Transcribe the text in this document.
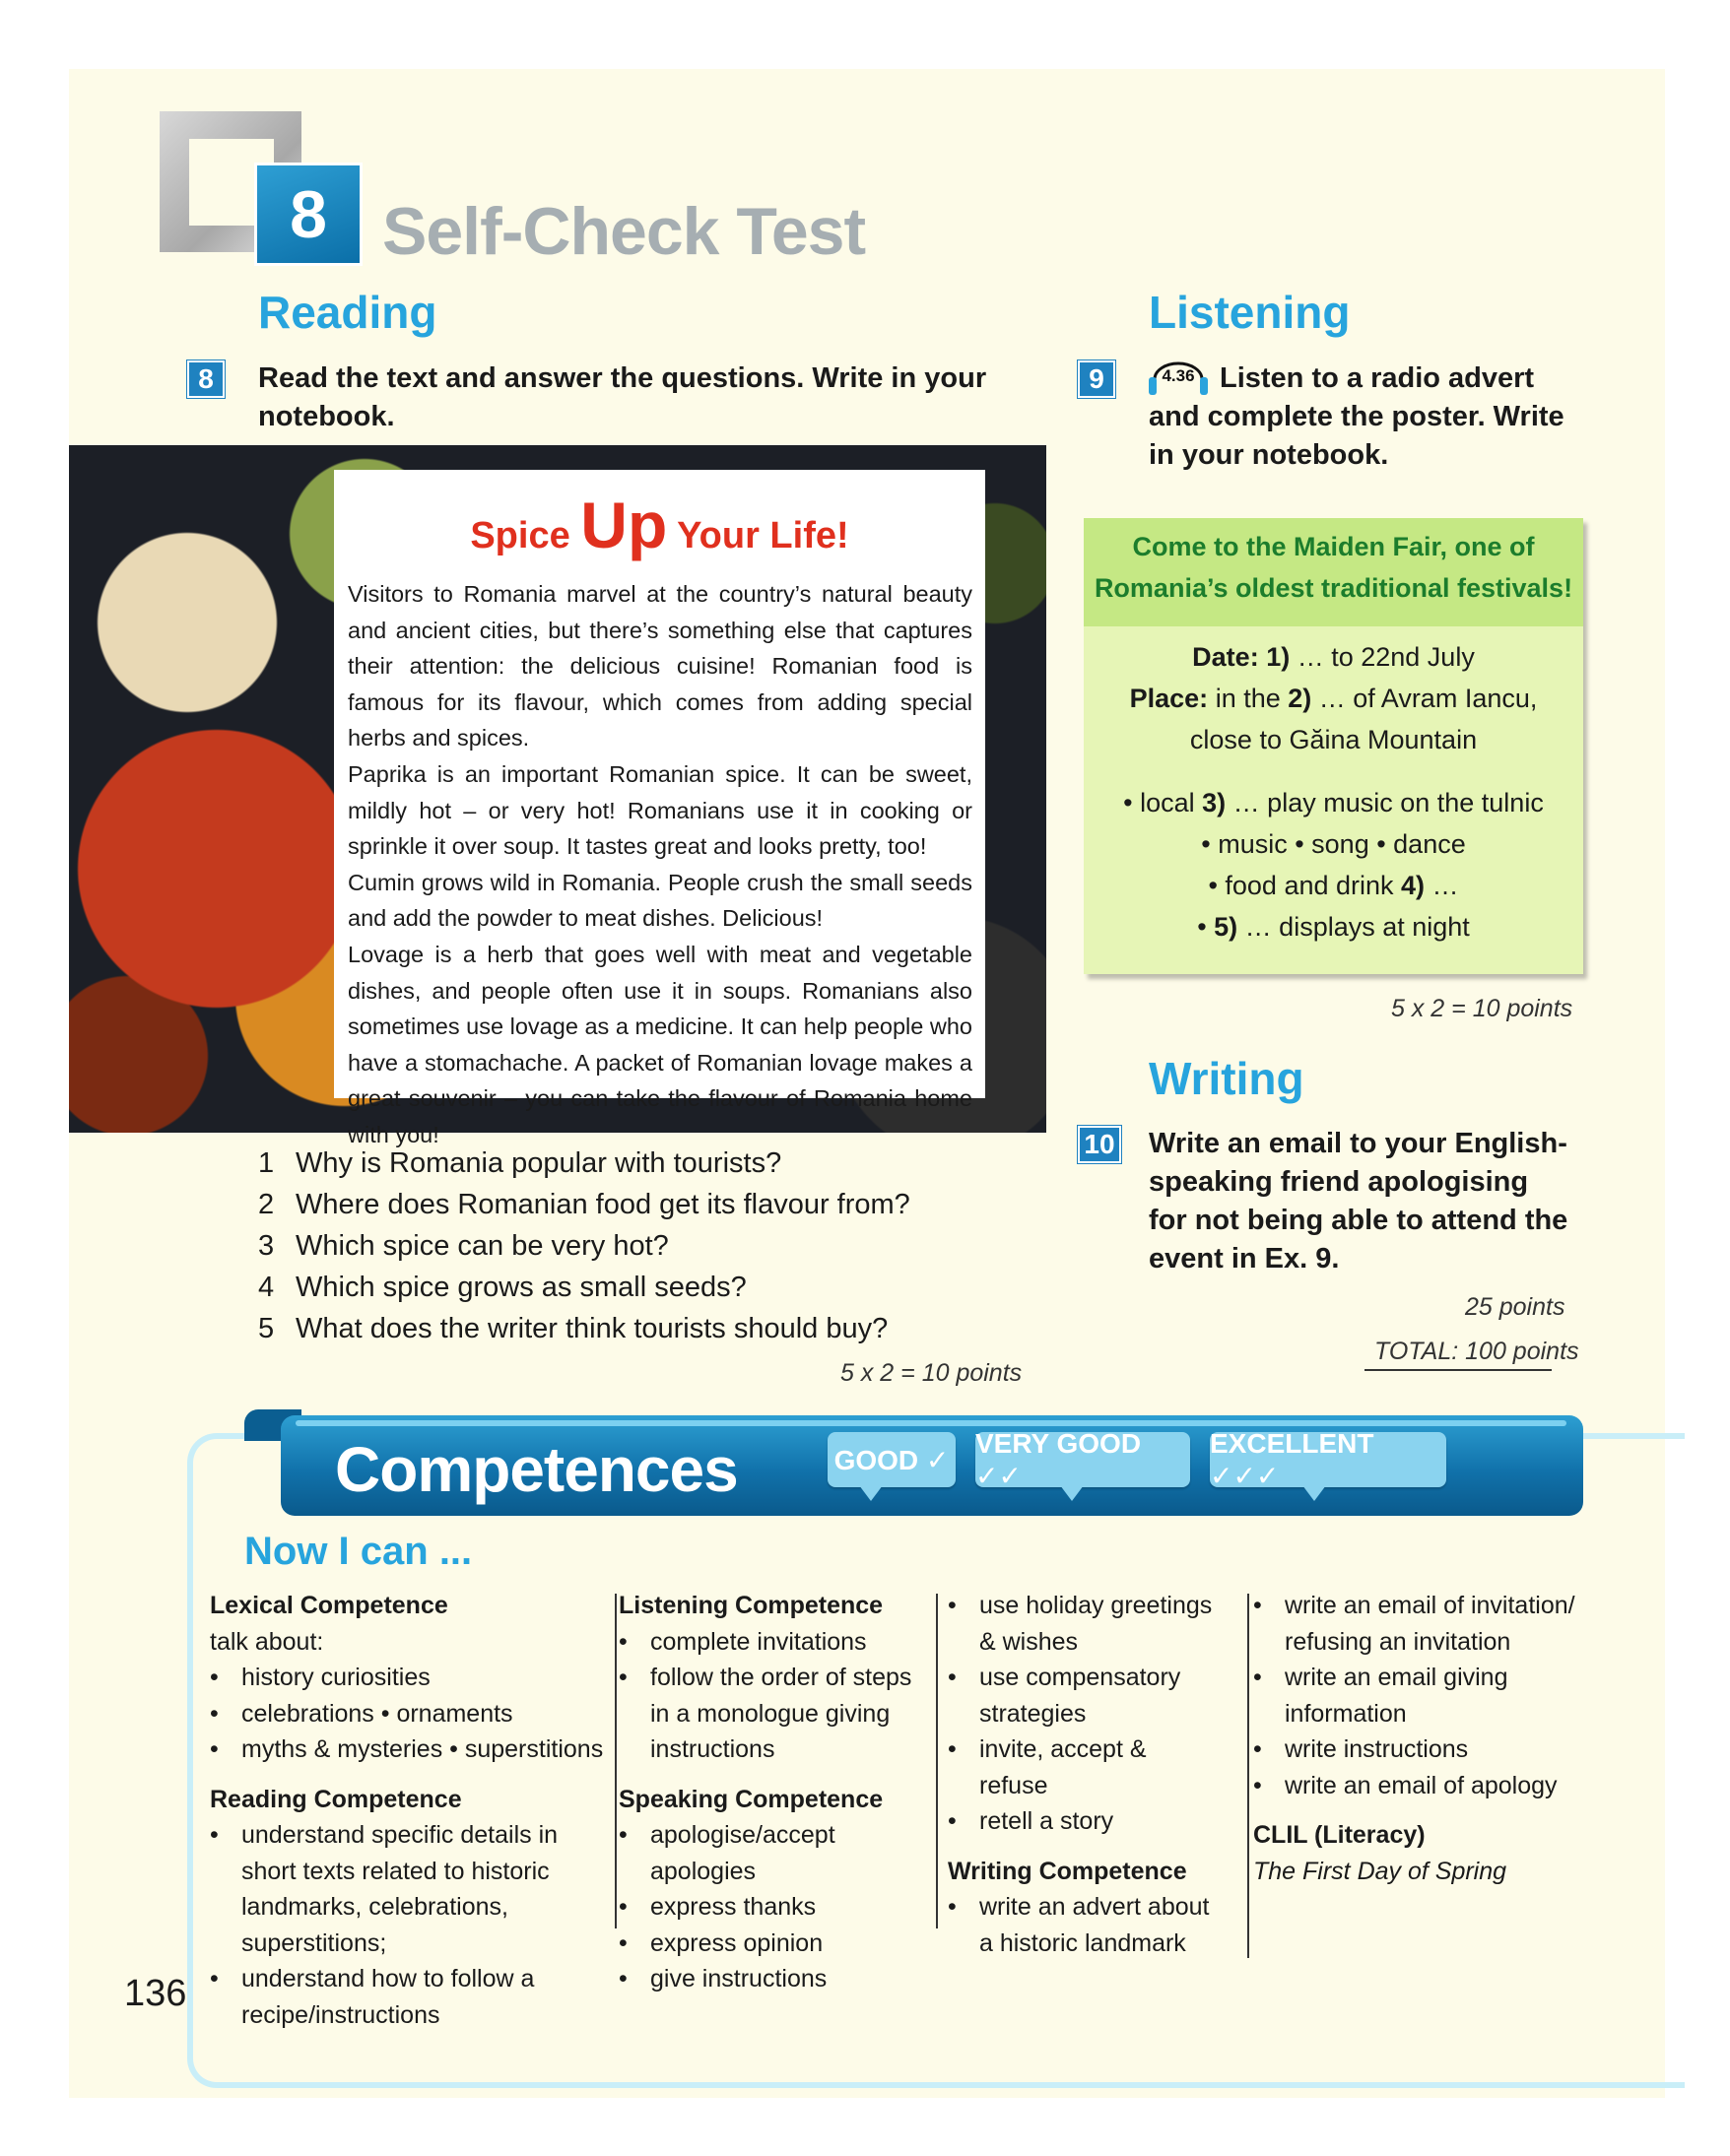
8 Self-Check Test
Reading
8	Read the text and answer the questions. Write in your
notebook.
Spice Up Your Life!

Visitors to Romania marvel at the country’s natural beauty and ancient cities, but there’s something else that captures their attention: the delicious cuisine! Romanian food is famous for its flavour, which comes from adding special herbs and spices.

Paprika is an important Romanian spice. It can be sweet, mildly hot – or very hot! Romanians use it in cooking or sprinkle it over soup. It tastes great and looks pretty, too!

Cumin grows wild in Romania. People crush the small seeds and add the powder to meat dishes. Delicious!

Lovage is a herb that goes well with meat and vegetable dishes, and people often use it in soups. Romanians also sometimes use lovage as a medicine. It can help people who have a stomachache. A packet of Romanian lovage makes a great souvenir – you can take the flavour of Romania home with you!

1 Why is Romania popular with tourists?
2 Where does Romanian food get its flavour from?
3 Which spice can be very hot?
4 Which spice grows as small seeds?
5 What does the writer think tourists should buy?
5 x 2 = 10 points
Listening
9	4.36 Listen to a radio advert
and complete the poster. Write
in your notebook.
Come to the Maiden Fair, one of
Romania’s oldest traditional festivals!
Date: 1) … to 22nd July
Place: in the 2) … of Avram Iancu,
close to Găina Mountain
• local 3) … play music on the tulnic
• music • song • dance
• food and drink 4) …
• 5) … displays at night
5 x 2 = 10 points
Writing
10 Write an email to your English-speaking friend apologising for not being able to attend the event in Ex. 9.
25 points
TOTAL: 100 points
Competences	GOOD ✓
VERY GOOD ✓✓
EXCELLENT ✓✓✓
Now I can ...
Lexical Competence
talk about:
• history curiosities
• celebrations • ornaments
• myths & mysteries • superstitions
Reading Competence
• understand specific details in short texts related to historic landmarks, celebrations, superstitions;
• understand how to follow a recipe/instructions
Listening Competence
• complete invitations
• follow the order of steps in a monologue giving instructions
Speaking Competence
• apologise/accept apologies
• express thanks
• express opinion
• give instructions
• use holiday greetings & wishes
• use compensatory strategies
• invite, accept & refuse
• retell a story
Writing Competence
• write an advert about a historic landmark
• write an email of invitation/ refusing an invitation
• write an email giving information
• write instructions
• write an email of apology
CLIL (Literacy)
The First Day of Spring
136
